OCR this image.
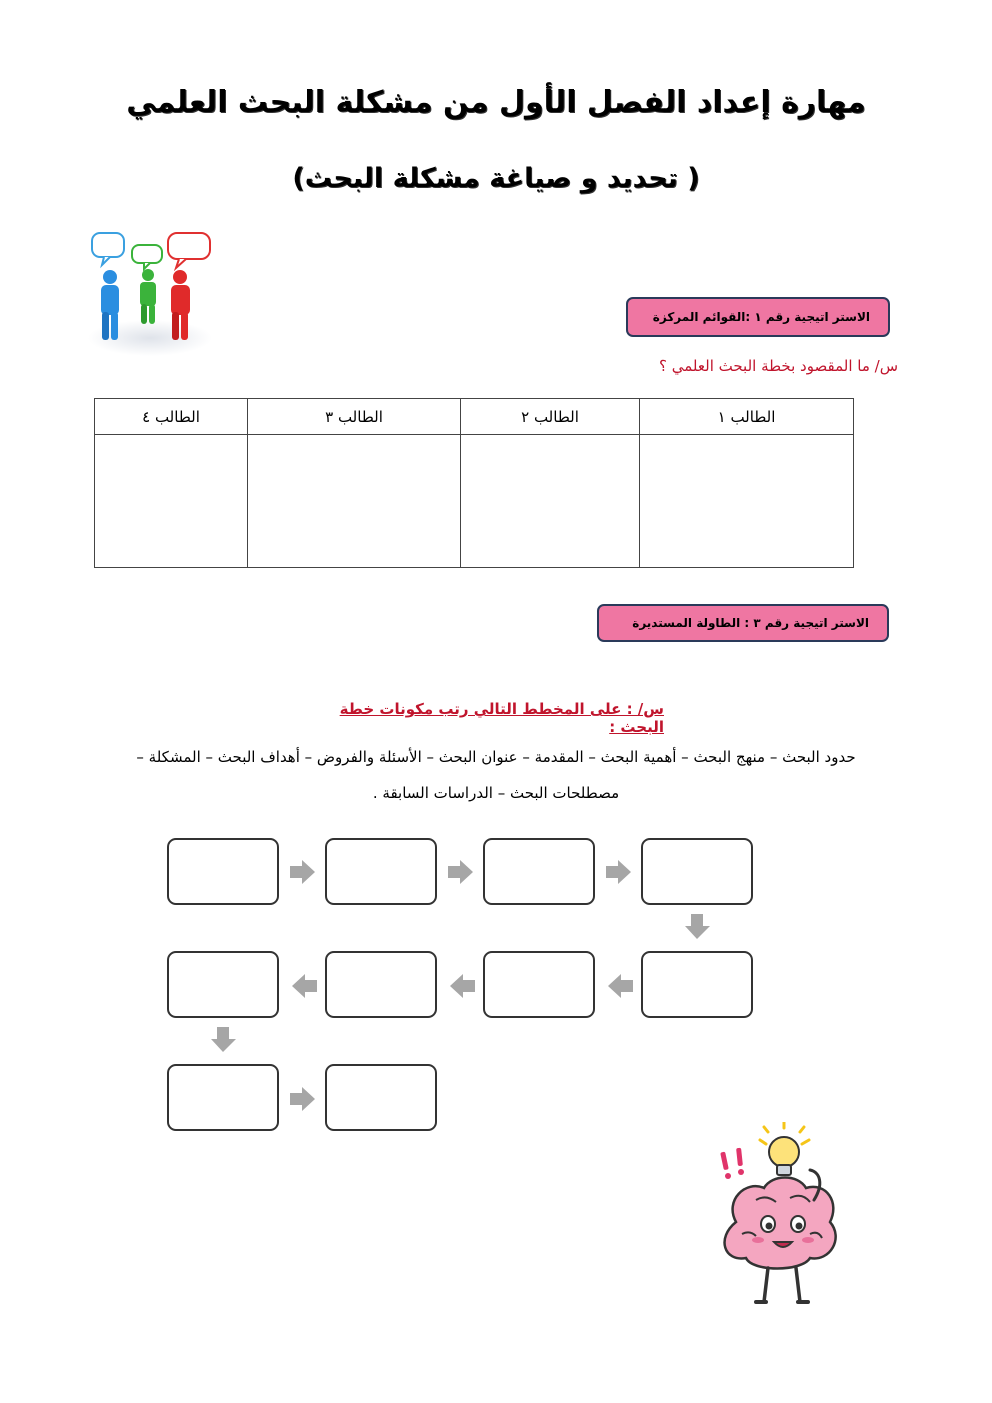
مهارة إعداد الفصل الأول من مشكلة البحث العلمي
( تحديد و صياغة مشكلة البحث)
الاستر اتيجية رقم ١ :القوائم المركزة
س/ ما المقصود بخطة البحث العلمي ؟
الطالب ١	الطالب ٢	الطالب ٣	الطالب ٤

الاستر اتيجية رقم ٣ : الطاولة المستديرة
س/ : على المخطط التالي رتب مكونات خطة البحث :
حدود البحث – منهج البحث – أهمية البحث – المقدمة – عنوان البحث – الأسئلة والفروض – أهداف البحث – المشكلة –
مصطلحات البحث – الدراسات السابقة .
